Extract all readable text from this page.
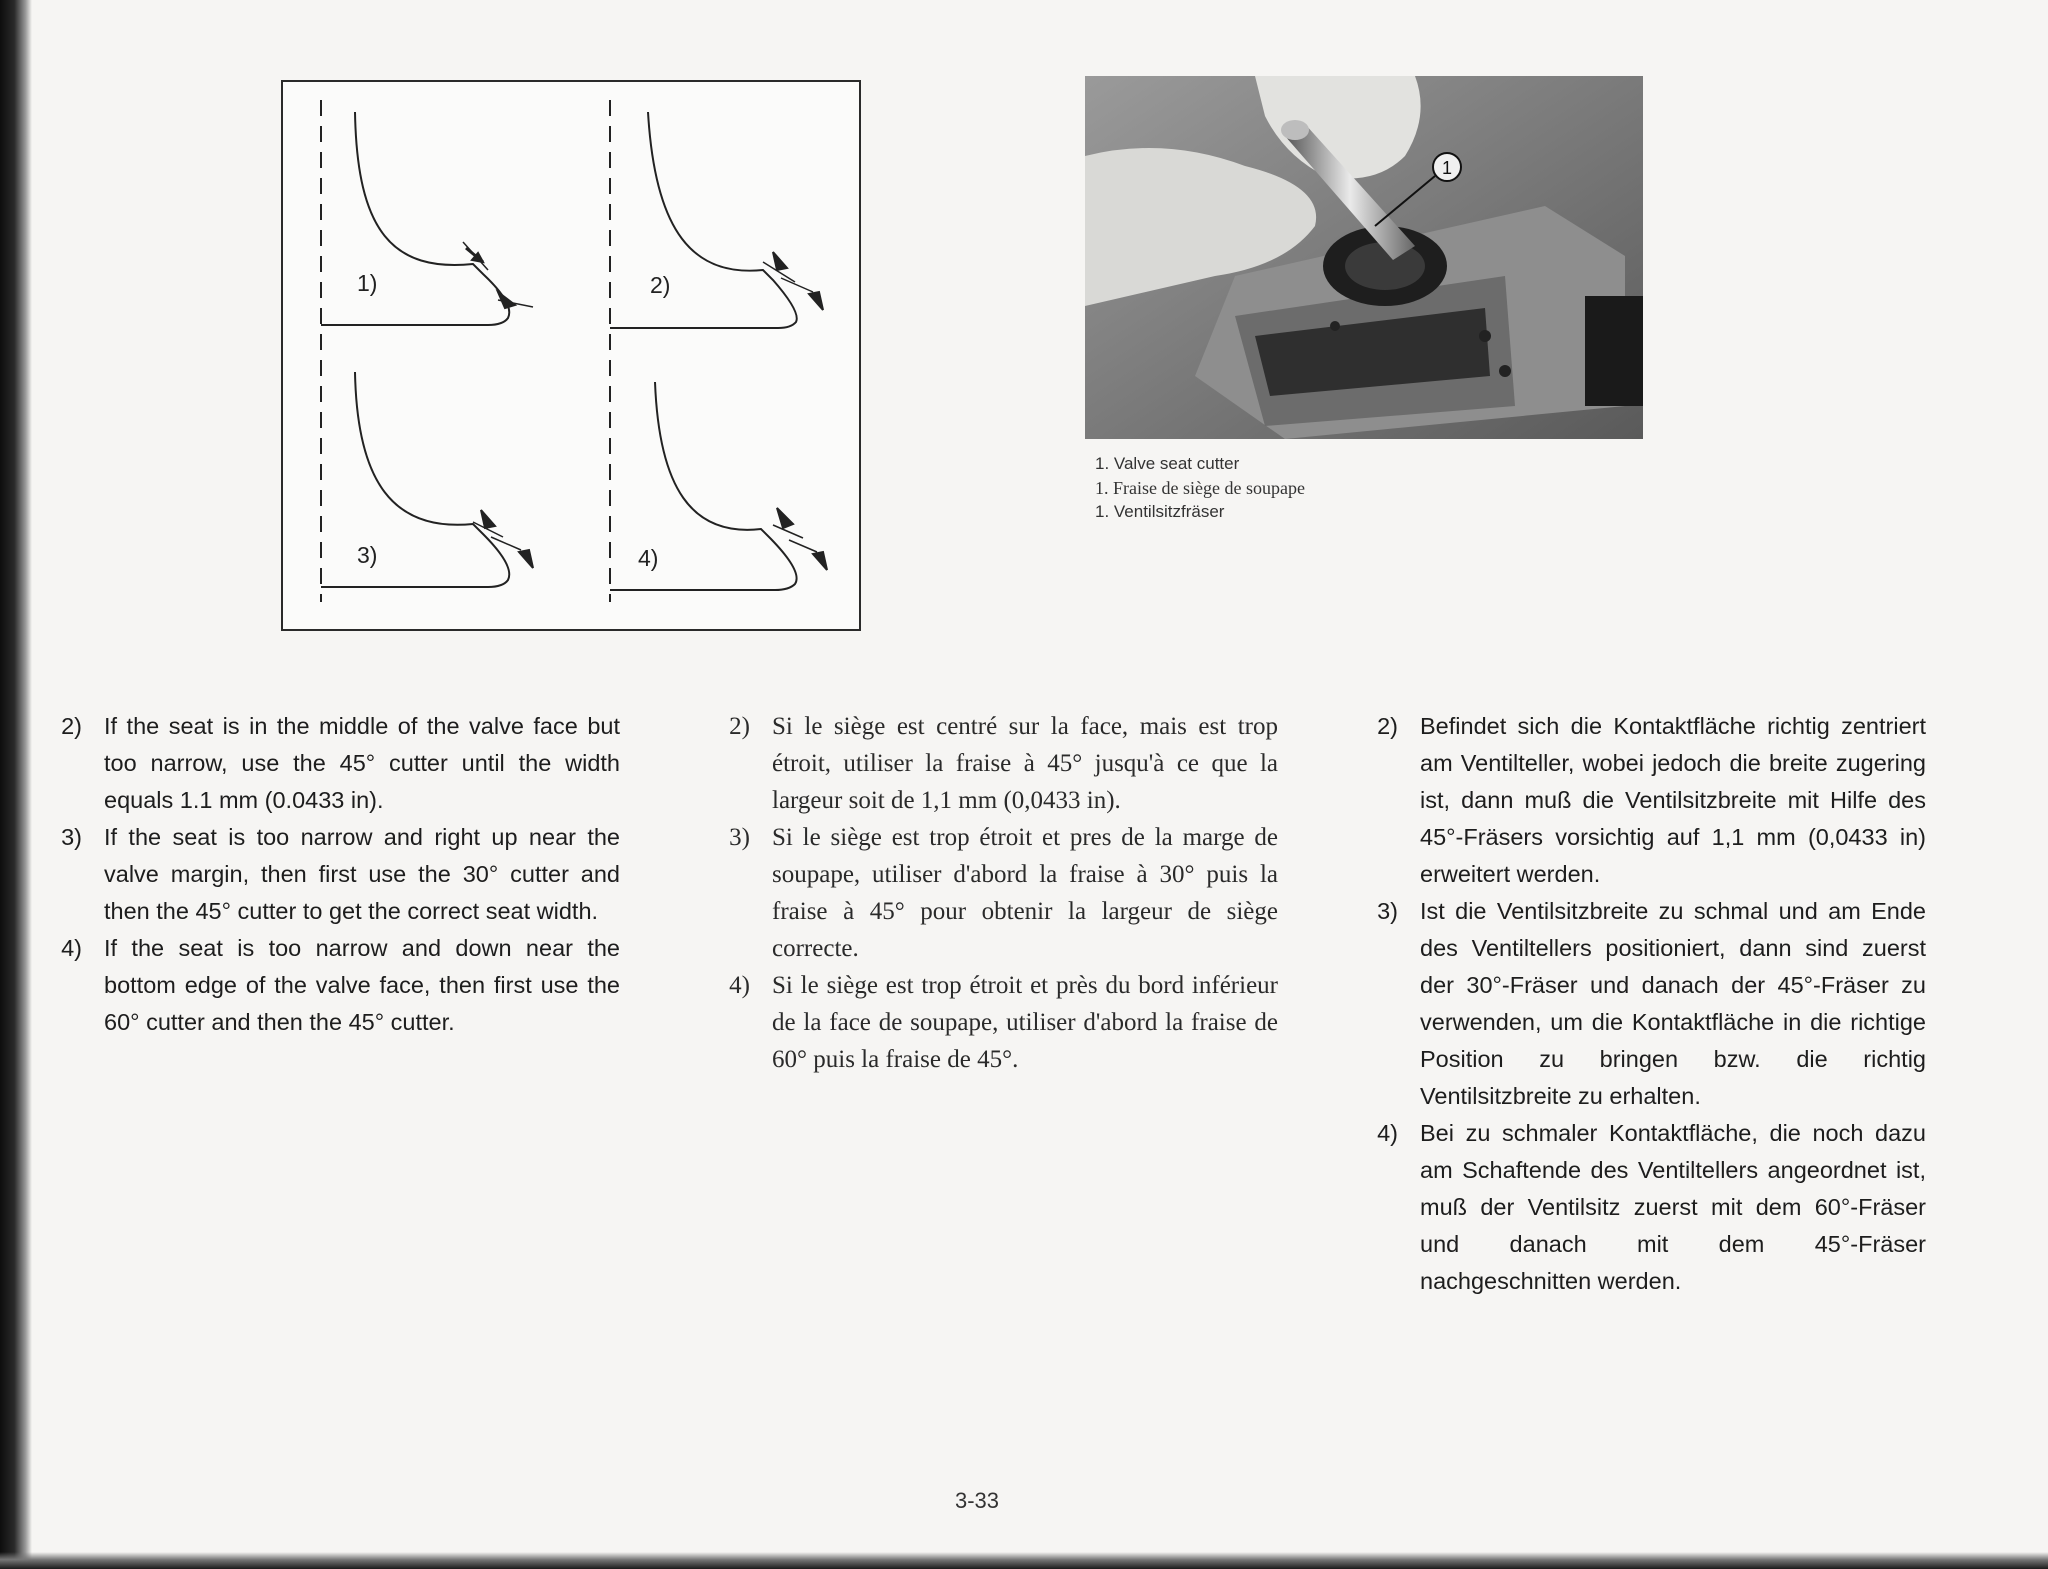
1)	2)
3)	4)
1
1. Valve seat cutter
1. Fraise de siège de soupape
1. Ventilsitzfräser
2) If the seat is in the middle of the valve face but too narrow, use the 45° cutter until the width equals 1.1 mm (0.0433 in).
3) If the seat is too narrow and right up near the valve margin, then first use the 30° cutter and then the 45° cutter to get the correct seat width.
4) If the seat is too narrow and down near the bottom edge of the valve face, then first use the 60° cutter and then the 45° cutter.
2) Si le siège est centré sur la face, mais est trop étroit, utiliser la fraise à 45° jusqu'à ce que la largeur soit de 1,1 mm (0,0433 in).
3) Si le siège est trop étroit et pres de la marge de soupape, utiliser d'abord la fraise à 30° puis la fraise à 45° pour obtenir la largeur de siège correcte.
4) Si le siège est trop étroit et près du bord inférieur de la face de soupape, utiliser d'abord la fraise de 60° puis la fraise de 45°.
2) Befindet sich die Kontaktfläche richtig zentriert am Ventilteller, wobei jedoch die breite zugering ist, dann muß die Ventilsitzbreite mit Hilfe des 45°-Fräsers vorsichtig auf 1,1 mm (0,0433 in) erweitert werden.
3) Ist die Ventilsitzbreite zu schmal und am Ende des Ventiltellers positioniert, dann sind zuerst der 30°-Fräser und danach der 45°-Fräser zu verwenden, um die Kontaktfläche in die richtige Position zu bringen bzw. die richtig Ventilsitzbreite zu erhalten.
4) Bei zu schmaler Kontaktfläche, die noch dazu am Schaftende des Ventiltellers angeordnet ist, muß der Ventilsitz zuerst mit dem 60°-Fräser und danach mit dem 45°-Fräser nachgeschnitten werden.
3-33
